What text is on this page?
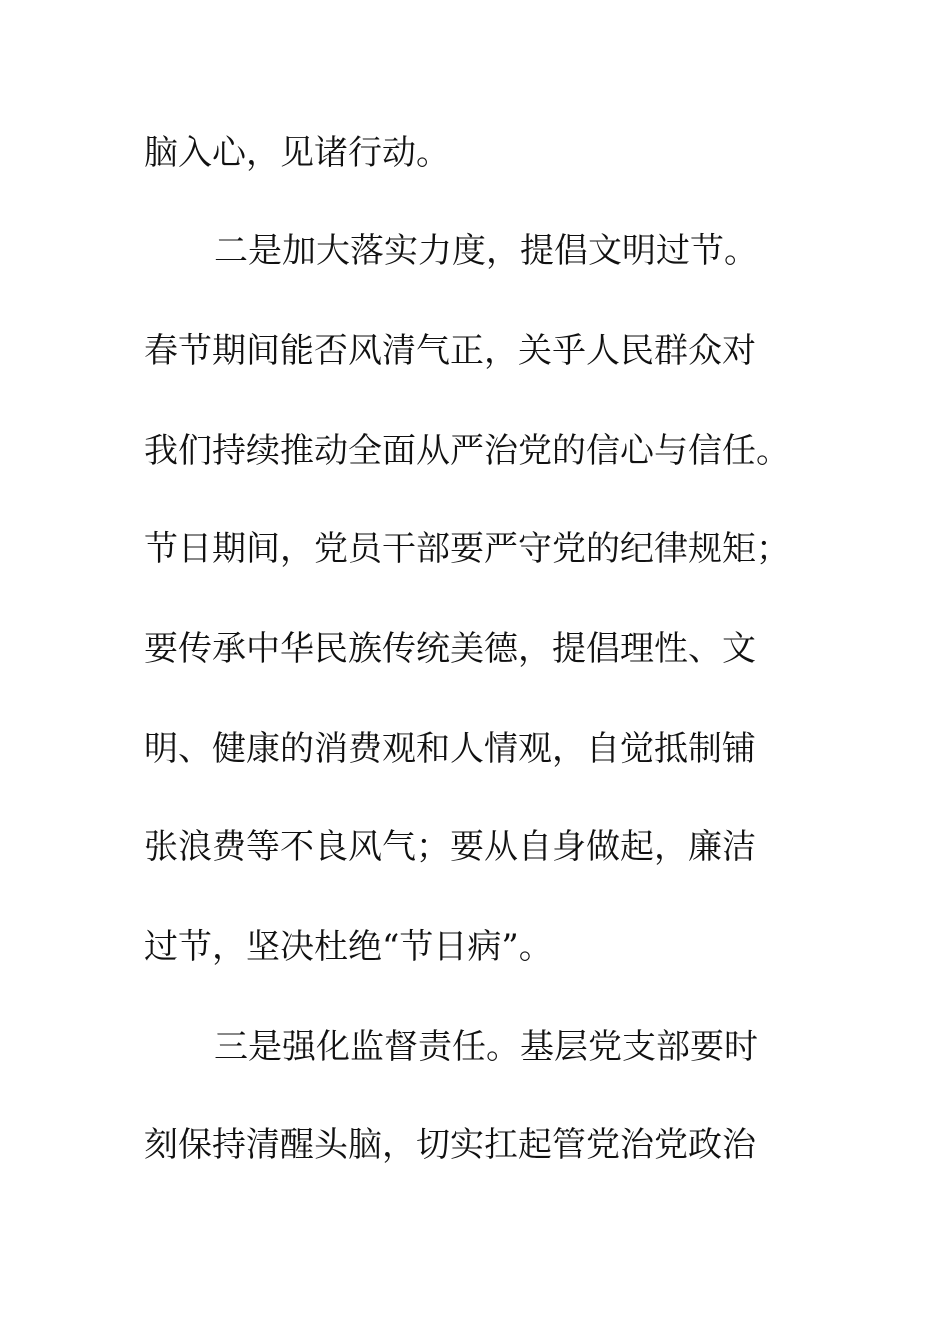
脑入心，见诸行动。
二是加大落实力度，提倡文明过节。
春节期间能否风清气正，关乎人民群众对
我们持续推动全面从严治党的信心与信任。
节日期间，党员干部要严守党的纪律规矩；
要传承中华民族传统美德，提倡理性、文
明、健康的消费观和人情观，自觉抵制铺
张浪费等不良风气；要从自身做起，廉洁
过节，坚决杜绝“节日病”。
三是强化监督责任。基层党支部要时
刻保持清醒头脑，切实扛起管党治党政治
